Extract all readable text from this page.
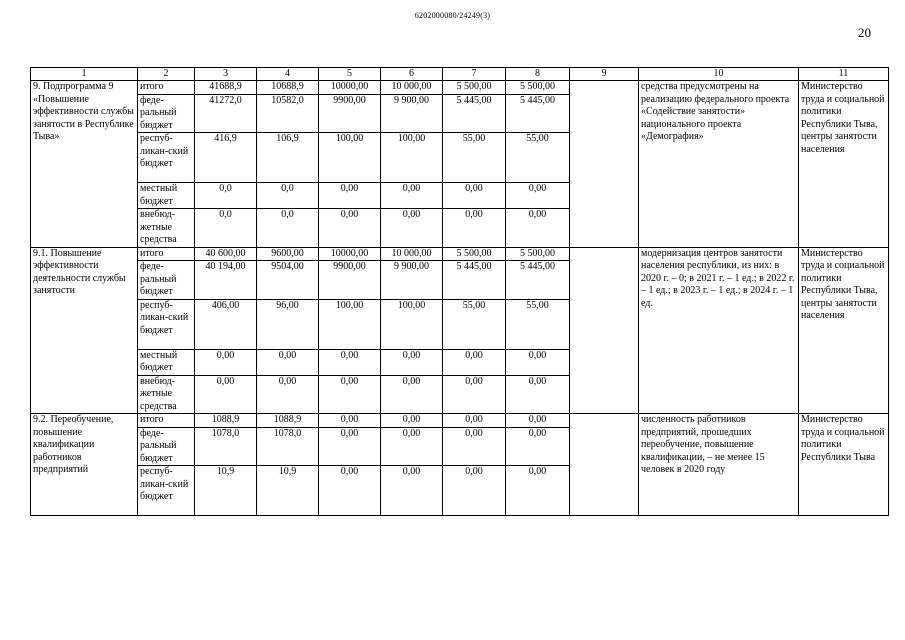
6202000080/24249(3)
20
1	2	3	4	5	6	7	8	9	10	11
9. Подпрограмма 9 «Повышение эффективности службы занятости в Республике Тыва»	итого	41688,9	10688,9	10000,00	10 000,00	5 500,00	5 500,00		средства предусмотрены на реализацию федерального проекта «Содействие занятости» национального проекта «Демография»	Министерство труда и социальной политики Республики Тыва, центры занятости населения
	феде-ральный бюджет	41272,0	10582,0	9900,00	9 900,00	5 445,00	5 445,00			
	респуб-ликан-ский бюджет	416,9	106,9	100,00	100,00	55,00	55,00			
	местный бюджет	0,0	0,0	0,00	0,00	0,00	0,00			
	внебюд-жетные средства	0,0	0,0	0,00	0,00	0,00	0,00			
9.1. Повышение эффективности деятельности службы занятости	итого	40 600,00	9600,00	10000,00	10 000,00	5 500,00	5 500,00		модернизация центров занятости населения республики, из них: в 2020 г. – 0; в 2021 г. – 1 ед.; в 2022 г. – 1 ед.; в 2023 г. – 1 ед.; в 2024 г. – 1 ед.	Министерство труда и социальной политики Республики Тыва, центры занятости населения
	феде-ральный бюджет	40 194,00	9504,00	9900,00	9 900,00	5 445,00	5 445,00			
	респуб-ликан-ский бюджет	406,00	96,00	100,00	100,00	55,00	55,00			
	местный бюджет	0,00	0,00	0,00	0,00	0,00	0,00			
	внебюд-жетные средства	0,00	0,00	0,00	0,00	0,00	0,00			
9.2. Переобучение, повышение квалификации работников предприятий	итого	1088,9	1088,9	0,00	0,00	0,00	0,00		численность работников предприятий, прошедших переобучение, повышение квалификации, – не менее 15 человек в 2020 году	Министерство труда и социальной политики Республики Тыва
	феде-ральный бюджет	1078,0	1078,0	0,00	0,00	0,00	0,00			
	респуб-ликан-ский бюджет	10,9	10,9	0,00	0,00	0,00	0,00			
